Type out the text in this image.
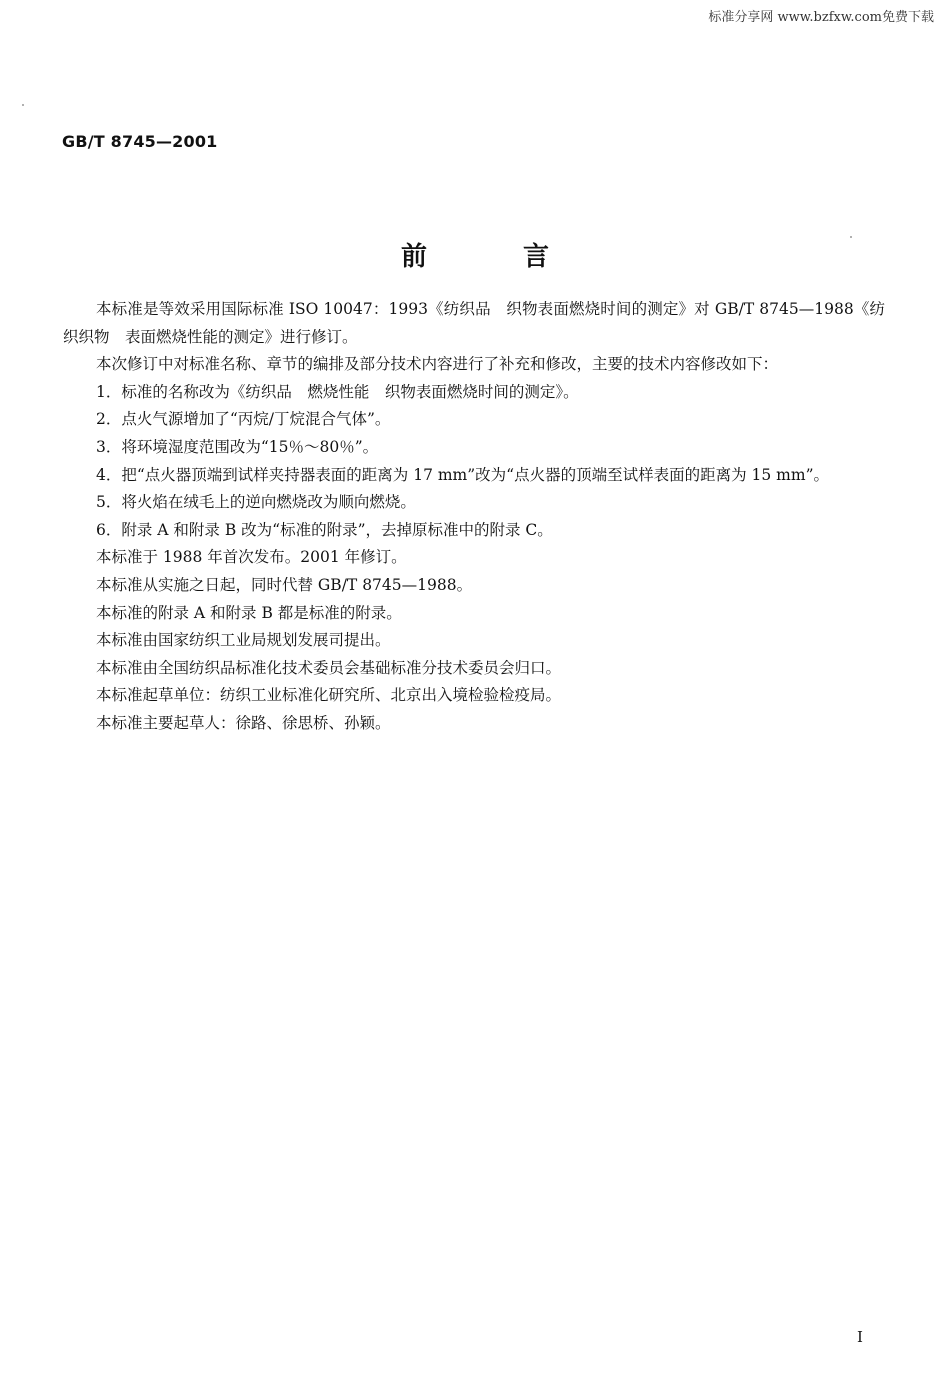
标准分享网 www.bzfxw.com免费下载
GB/T 8745—2001
前言

本标准是等效采用国际标准 ISO 10047：1993《纺织品　织物表面燃烧时间的测定》对 GB/T 8745—1988《纺织织物　表面燃烧性能的测定》进行修订。

本次修订中对标准名称、章节的编排及部分技术内容进行了补充和修改，主要的技术内容修改如下：

1．标准的名称改为《纺织品　燃烧性能　织物表面燃烧时间的测定》。

2．点火气源增加了“丙烷/丁烷混合气体”。

3．将环境湿度范围改为“15％～80％”。

4．把“点火器顶端到试样夹持器表面的距离为 17 mm”改为“点火器的顶端至试样表面的距离为 15 mm”。

5．将火焰在绒毛上的逆向燃烧改为顺向燃烧。

6．附录 A 和附录 B 改为“标准的附录”，去掉原标准中的附录 C。

本标准于 1988 年首次发布。2001 年修订。

本标准从实施之日起，同时代替 GB/T 8745—1988。

本标准的附录 A 和附录 B 都是标准的附录。

本标准由国家纺织工业局规划发展司提出。

本标准由全国纺织品标准化技术委员会基础标准分技术委员会归口。

本标准起草单位：纺织工业标准化研究所、北京出入境检验检疫局。

本标准主要起草人：徐路、徐思桥、孙颖。

I
